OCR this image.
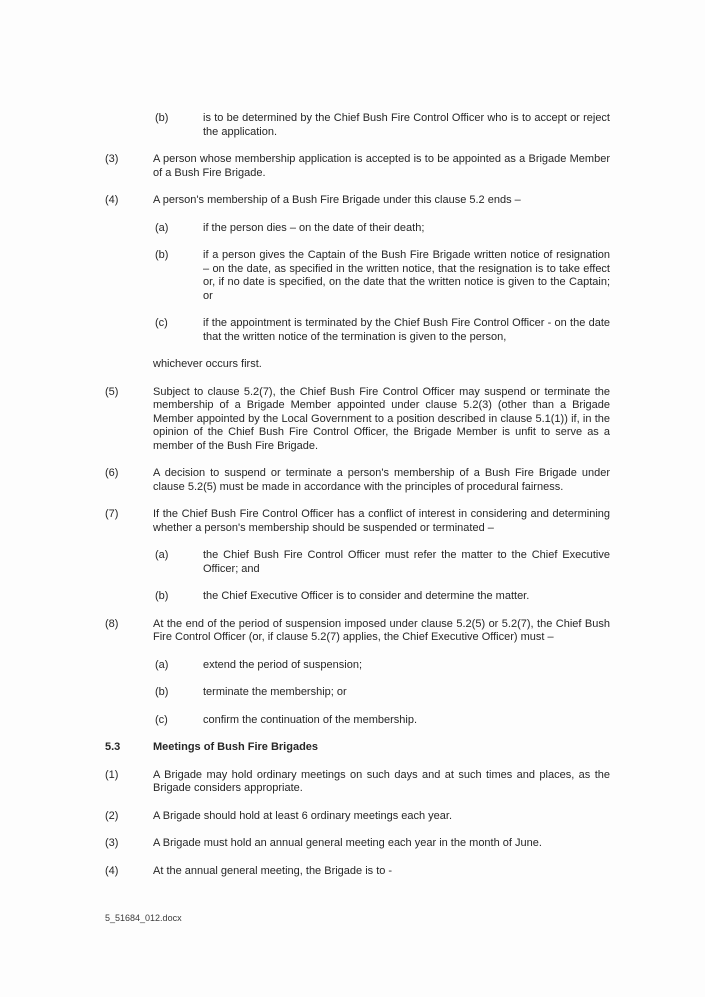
(b)	is to be determined by the Chief Bush Fire Control Officer who is to accept or reject the application.
(3)	A person whose membership application is accepted is to be appointed as a Brigade Member of a Bush Fire Brigade.
(4)	A person's membership of a Bush Fire Brigade under this clause 5.2 ends –
(a)	if the person dies – on the date of their death;
(b)	if a person gives the Captain of the Bush Fire Brigade written notice of resignation – on the date, as specified in the written notice, that the resignation is to take effect or, if no date is specified, on the date that the written notice is given to the Captain; or
(c)	if the appointment is terminated by the Chief Bush Fire Control Officer - on the date that the written notice of the termination is given to the person,
whichever occurs first.
(5)	Subject to clause 5.2(7), the Chief Bush Fire Control Officer may suspend or terminate the membership of a Brigade Member appointed under clause 5.2(3) (other than a Brigade Member appointed by the Local Government to a position described in clause 5.1(1)) if, in the opinion of the Chief Bush Fire Control Officer, the Brigade Member is unfit to serve as a member of the Bush Fire Brigade.
(6)	A decision to suspend or terminate a person's membership of a Bush Fire Brigade under clause 5.2(5) must be made in accordance with the principles of procedural fairness.
(7)	If the Chief Bush Fire Control Officer has a conflict of interest in considering and determining whether a person's membership should be suspended or terminated –
(a)	the Chief Bush Fire Control Officer must refer the matter to the Chief Executive Officer; and
(b)	the Chief Executive Officer is to consider and determine the matter.
(8)	At the end of the period of suspension imposed under clause 5.2(5) or 5.2(7), the Chief Bush Fire Control Officer (or, if clause 5.2(7) applies, the Chief Executive Officer) must –
(a)	extend the period of suspension;
(b)	terminate the membership; or
(c)	confirm the continuation of the membership.
5.3	Meetings of Bush Fire Brigades
(1)	A Brigade may hold ordinary meetings on such days and at such times and places, as the Brigade considers appropriate.
(2)	A Brigade should hold at least 6 ordinary meetings each year.
(3)	A Brigade must hold an annual general meeting each year in the month of June.
(4)	At the annual general meeting, the Brigade is to -
5_51684_012.docx
